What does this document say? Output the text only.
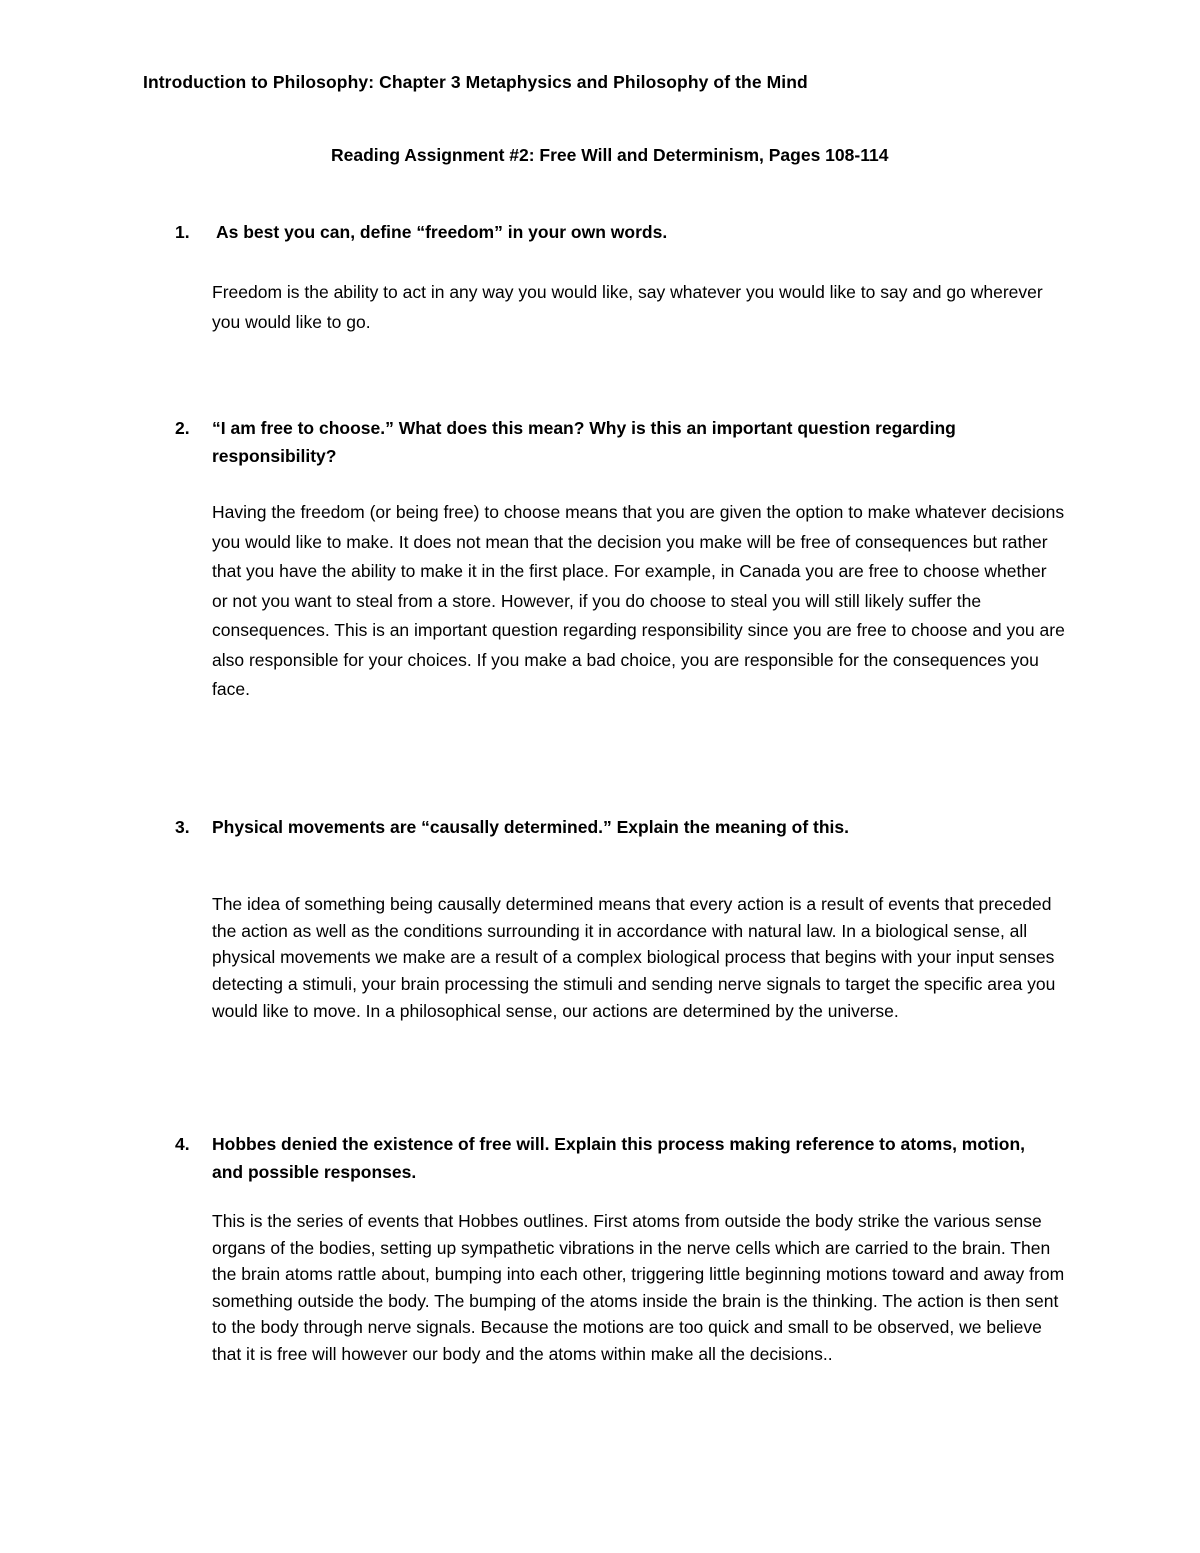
Introduction to Philosophy: Chapter 3 Metaphysics and Philosophy of the Mind
Reading Assignment #2: Free Will and Determinism, Pages 108-114
1.	As best you can, define “freedom” in your own words.
Freedom is the ability to act in any way you would like, say whatever you would like to say and go wherever you would like to go.
2.	“I am free to choose.” What does this mean? Why is this an important question regarding responsibility?
Having the freedom (or being free) to choose means that you are given the option to make whatever decisions you would like to make. It does not mean that the decision you make will be free of consequences but rather that you have the ability to make it in the first place. For example, in Canada you are free to choose whether or not you want to steal from a store. However, if you do choose to steal you will still likely suffer the consequences. This is an important question regarding responsibility since you are free to choose and you are also responsible for your choices. If you make a bad choice, you are responsible for the consequences you face.
3.	Physical movements are “causally determined.” Explain the meaning of this.
The idea of something being causally determined means that every action is a result of events that preceded the action as well as the conditions surrounding it in accordance with natural law. In a biological sense, all physical movements we make are a result of a complex biological process that begins with your input senses detecting a stimuli, your brain processing the stimuli and sending nerve signals to target the specific area you would like to move. In a philosophical sense, our actions are determined by the universe.
4.	Hobbes denied the existence of free will. Explain this process making reference to atoms, motion, and possible responses.
This is the series of events that Hobbes outlines. First atoms from outside the body strike the various sense organs of the bodies, setting up sympathetic vibrations in the nerve cells which are carried to the brain. Then the brain atoms rattle about, bumping into each other, triggering little beginning motions toward and away from something outside the body. The bumping of the atoms inside the brain is the thinking. The action is then sent to the body through nerve signals. Because the motions are too quick and small to be observed, we believe that it is free will however our body and the atoms within make all the decisions..
